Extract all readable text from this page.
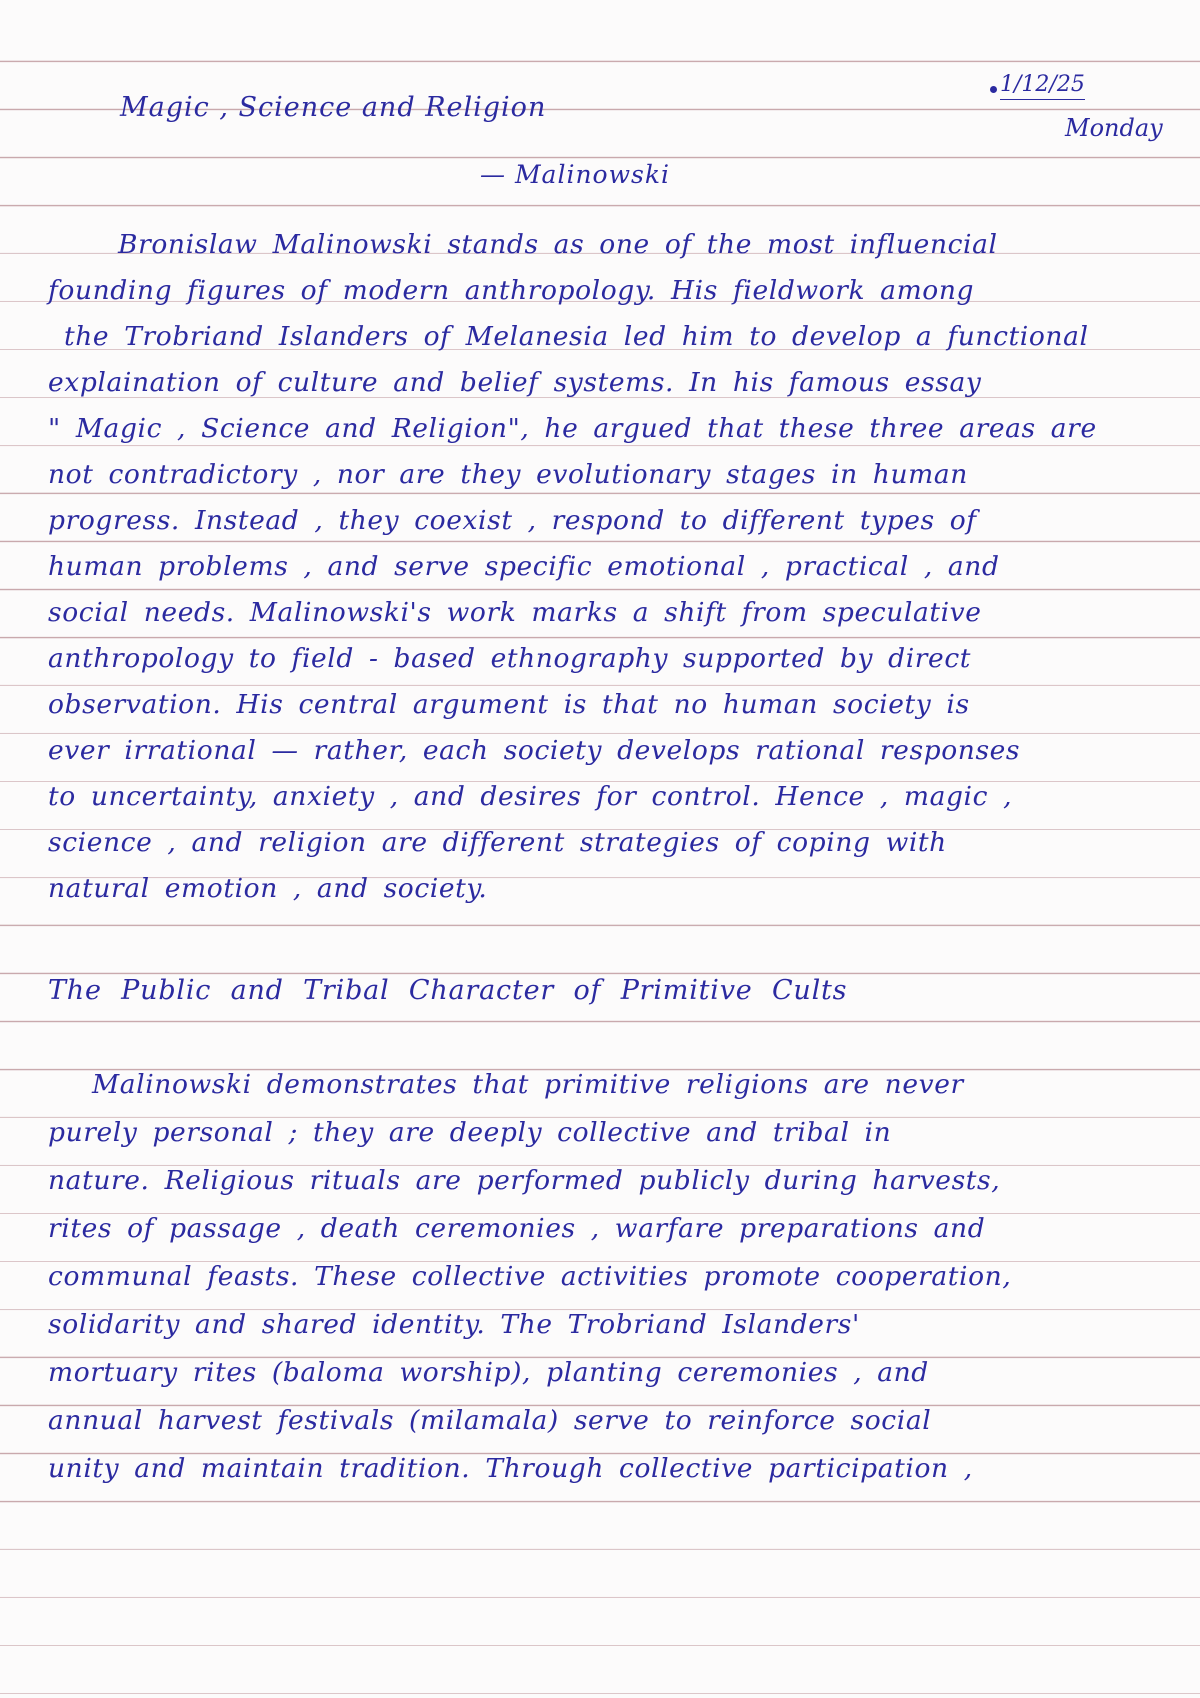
Magic , Science and Religion
— Malinowski
1/12/25
Monday
Bronislaw Malinowski stands as one of the most influencial
founding figures of modern anthropology. His fieldwork among
the Trobriand Islanders of Melanesia led him to develop a functional
explaination of culture and belief systems. In his famous essay
" Magic , Science and Religion", he argued that these three areas are
not contradictory , nor are they evolutionary stages in human
progress. Instead , they coexist , respond to different types of
human problems , and serve specific emotional , practical , and
social needs. Malinowski's work marks a shift from speculative
anthropology to field - based ethnography supported by direct
observation. His central argument is that no human society is
ever irrational — rather, each society develops rational responses
to uncertainty, anxiety , and desires for control. Hence , magic ,
science , and religion are different strategies of coping with
natural emotion , and society.
The Public and Tribal Character of Primitive Cults
Malinowski demonstrates that primitive religions are never
purely personal ; they are deeply collective and tribal in
nature. Religious rituals are performed publicly during harvests,
rites of passage , death ceremonies , warfare preparations and
communal feasts. These collective activities promote cooperation,
solidarity and shared identity. The Trobriand Islanders'
mortuary rites (baloma worship), planting ceremonies , and
annual harvest festivals (milamala) serve to reinforce social
unity and maintain tradition. Through collective participation ,
